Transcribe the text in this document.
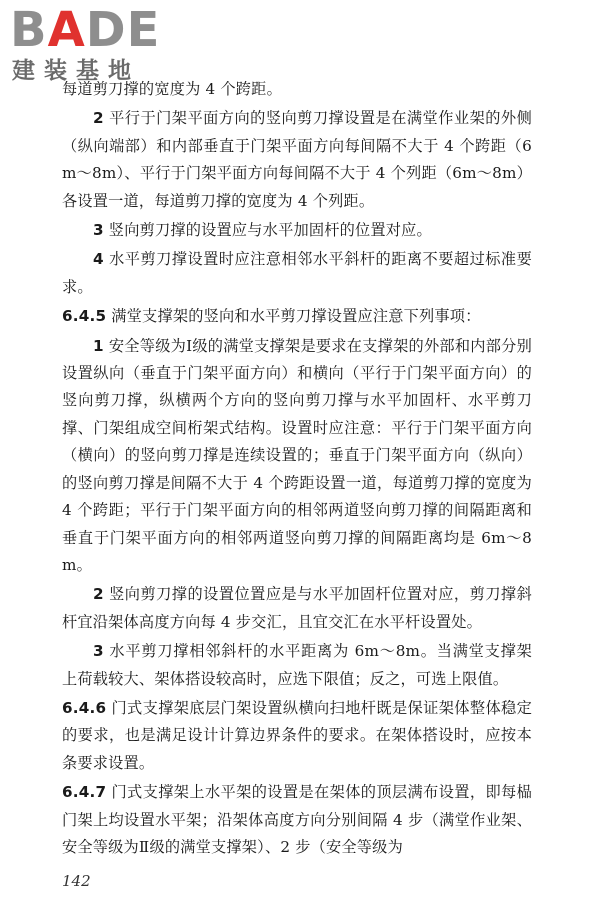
BADE
建装基地

每道剪刀撑的宽度为 4 个跨距。

2 平行于门架平面方向的竖向剪刀撑设置是在满堂作业架的外侧（纵向端部）和内部垂直于门架平面方向每间隔不大于 4 个跨距（6m～8m）、平行于门架平面方向每间隔不大于 4 个列距（6m～8m）各设置一道，每道剪刀撑的宽度为 4 个列距。

3 竖向剪刀撑的设置应与水平加固杆的位置对应。

4 水平剪刀撑设置时应注意相邻水平斜杆的距离不要超过标准要求。

6.4.5 满堂支撑架的竖向和水平剪刀撑设置应注意下列事项：

1 安全等级为Ⅰ级的满堂支撑架是要求在支撑架的外部和内部分别设置纵向（垂直于门架平面方向）和横向（平行于门架平面方向）的竖向剪刀撑，纵横两个方向的竖向剪刀撑与水平加固杆、水平剪刀撑、门架组成空间桁架式结构。设置时应注意：平行于门架平面方向（横向）的竖向剪刀撑是连续设置的；垂直于门架平面方向（纵向）的竖向剪刀撑是间隔不大于 4 个跨距设置一道，每道剪刀撑的宽度为 4 个跨距；平行于门架平面方向的相邻两道竖向剪刀撑的间隔距离和垂直于门架平面方向的相邻两道竖向剪刀撑的间隔距离均是 6m～8m。

2 竖向剪刀撑的设置位置应是与水平加固杆位置对应，剪刀撑斜杆宜沿架体高度方向每 4 步交汇，且宜交汇在水平杆设置处。

3 水平剪刀撑相邻斜杆的水平距离为 6m～8m。当满堂支撑架上荷载较大、架体搭设较高时，应选下限值；反之，可选上限值。

6.4.6 门式支撑架底层门架设置纵横向扫地杆既是保证架体整体稳定的要求，也是满足设计计算边界条件的要求。在架体搭设时，应按本条要求设置。

6.4.7 门式支撑架上水平架的设置是在架体的顶层满布设置，即每榀门架上均设置水平架；沿架体高度方向分别间隔 4 步（满堂作业架、安全等级为Ⅱ级的满堂支撑架）、2 步（安全等级为

142
